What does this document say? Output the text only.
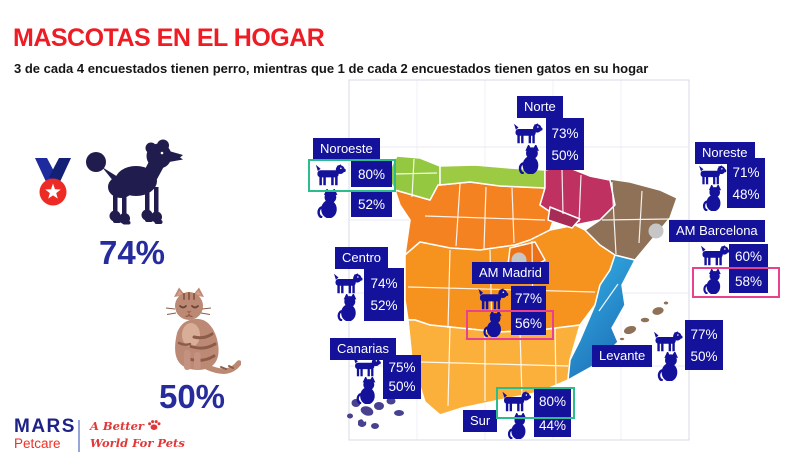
MASCOTAS EN EL HOGAR
3 de cada 4 encuestados tienen perro, mientras que 1 de cada 2 encuestados tienen gatos en su hogar
74%
50%
MARS
Petcare
A Better
World For Pets
Noroeste
80%
52%
Norte
73%
50%	Noreste
71%
48%
AM Barcelona
60%
58%
Centro
74%
52%
AM Madrid
77%
56%
Canarias
75%
50%
Levante
77%
50%
Sur
80%
44%
